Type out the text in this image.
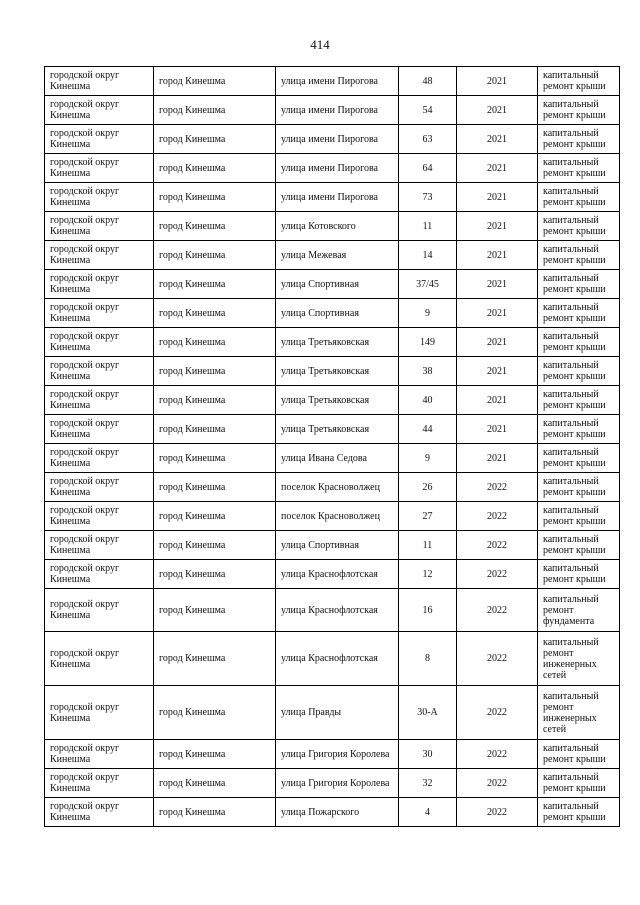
414
городской округ Кинешма	город Кинешма	улица имени Пирогова	48	2021	капитальный ремонт крыши
городской округ Кинешма	город Кинешма	улица имени Пирогова	54	2021	капитальный ремонт крыши
городской округ Кинешма	город Кинешма	улица имени Пирогова	63	2021	капитальный ремонт крыши
городской округ Кинешма	город Кинешма	улица имени Пирогова	64	2021	капитальный ремонт крыши
городской округ Кинешма	город Кинешма	улица имени Пирогова	73	2021	капитальный ремонт крыши
городской округ Кинешма	город Кинешма	улица Котовского	11	2021	капитальный ремонт крыши
городской округ Кинешма	город Кинешма	улица Межевая	14	2021	капитальный ремонт крыши
городской округ Кинешма	город Кинешма	улица Спортивная	37/45	2021	капитальный ремонт крыши
городской округ Кинешма	город Кинешма	улица Спортивная	9	2021	капитальный ремонт крыши
городской округ Кинешма	город Кинешма	улица Третьяковская	149	2021	капитальный ремонт крыши
городской округ Кинешма	город Кинешма	улица Третьяковская	38	2021	капитальный ремонт крыши
городской округ Кинешма	город Кинешма	улица Третьяковская	40	2021	капитальный ремонт крыши
городской округ Кинешма	город Кинешма	улица Третьяковская	44	2021	капитальный ремонт крыши
городской округ Кинешма	город Кинешма	улица Ивана Седова	9	2021	капитальный ремонт крыши
городской округ Кинешма	город Кинешма	поселок Красноволжец	26	2022	капитальный ремонт крыши
городской округ Кинешма	город Кинешма	поселок Красноволжец	27	2022	капитальный ремонт крыши
городской округ Кинешма	город Кинешма	улица Спортивная	11	2022	капитальный ремонт крыши
городской округ Кинешма	город Кинешма	улица Краснофлотская	12	2022	капитальный ремонт крыши
городской округ Кинешма	город Кинешма	улица Краснофлотская	16	2022	капитальный ремонт фундамента
городской округ Кинешма	город Кинешма	улица Краснофлотская	8	2022	капитальный ремонт инженерных сетей
городской округ Кинешма	город Кинешма	улица Правды	30-А	2022	капитальный ремонт инженерных сетей
городской округ Кинешма	город Кинешма	улица Григория Королева	30	2022	капитальный ремонт крыши
городской округ Кинешма	город Кинешма	улица Григория Королева	32	2022	капитальный ремонт крыши
городской округ Кинешма	город Кинешма	улица Пожарского	4	2022	капитальный ремонт крыши
